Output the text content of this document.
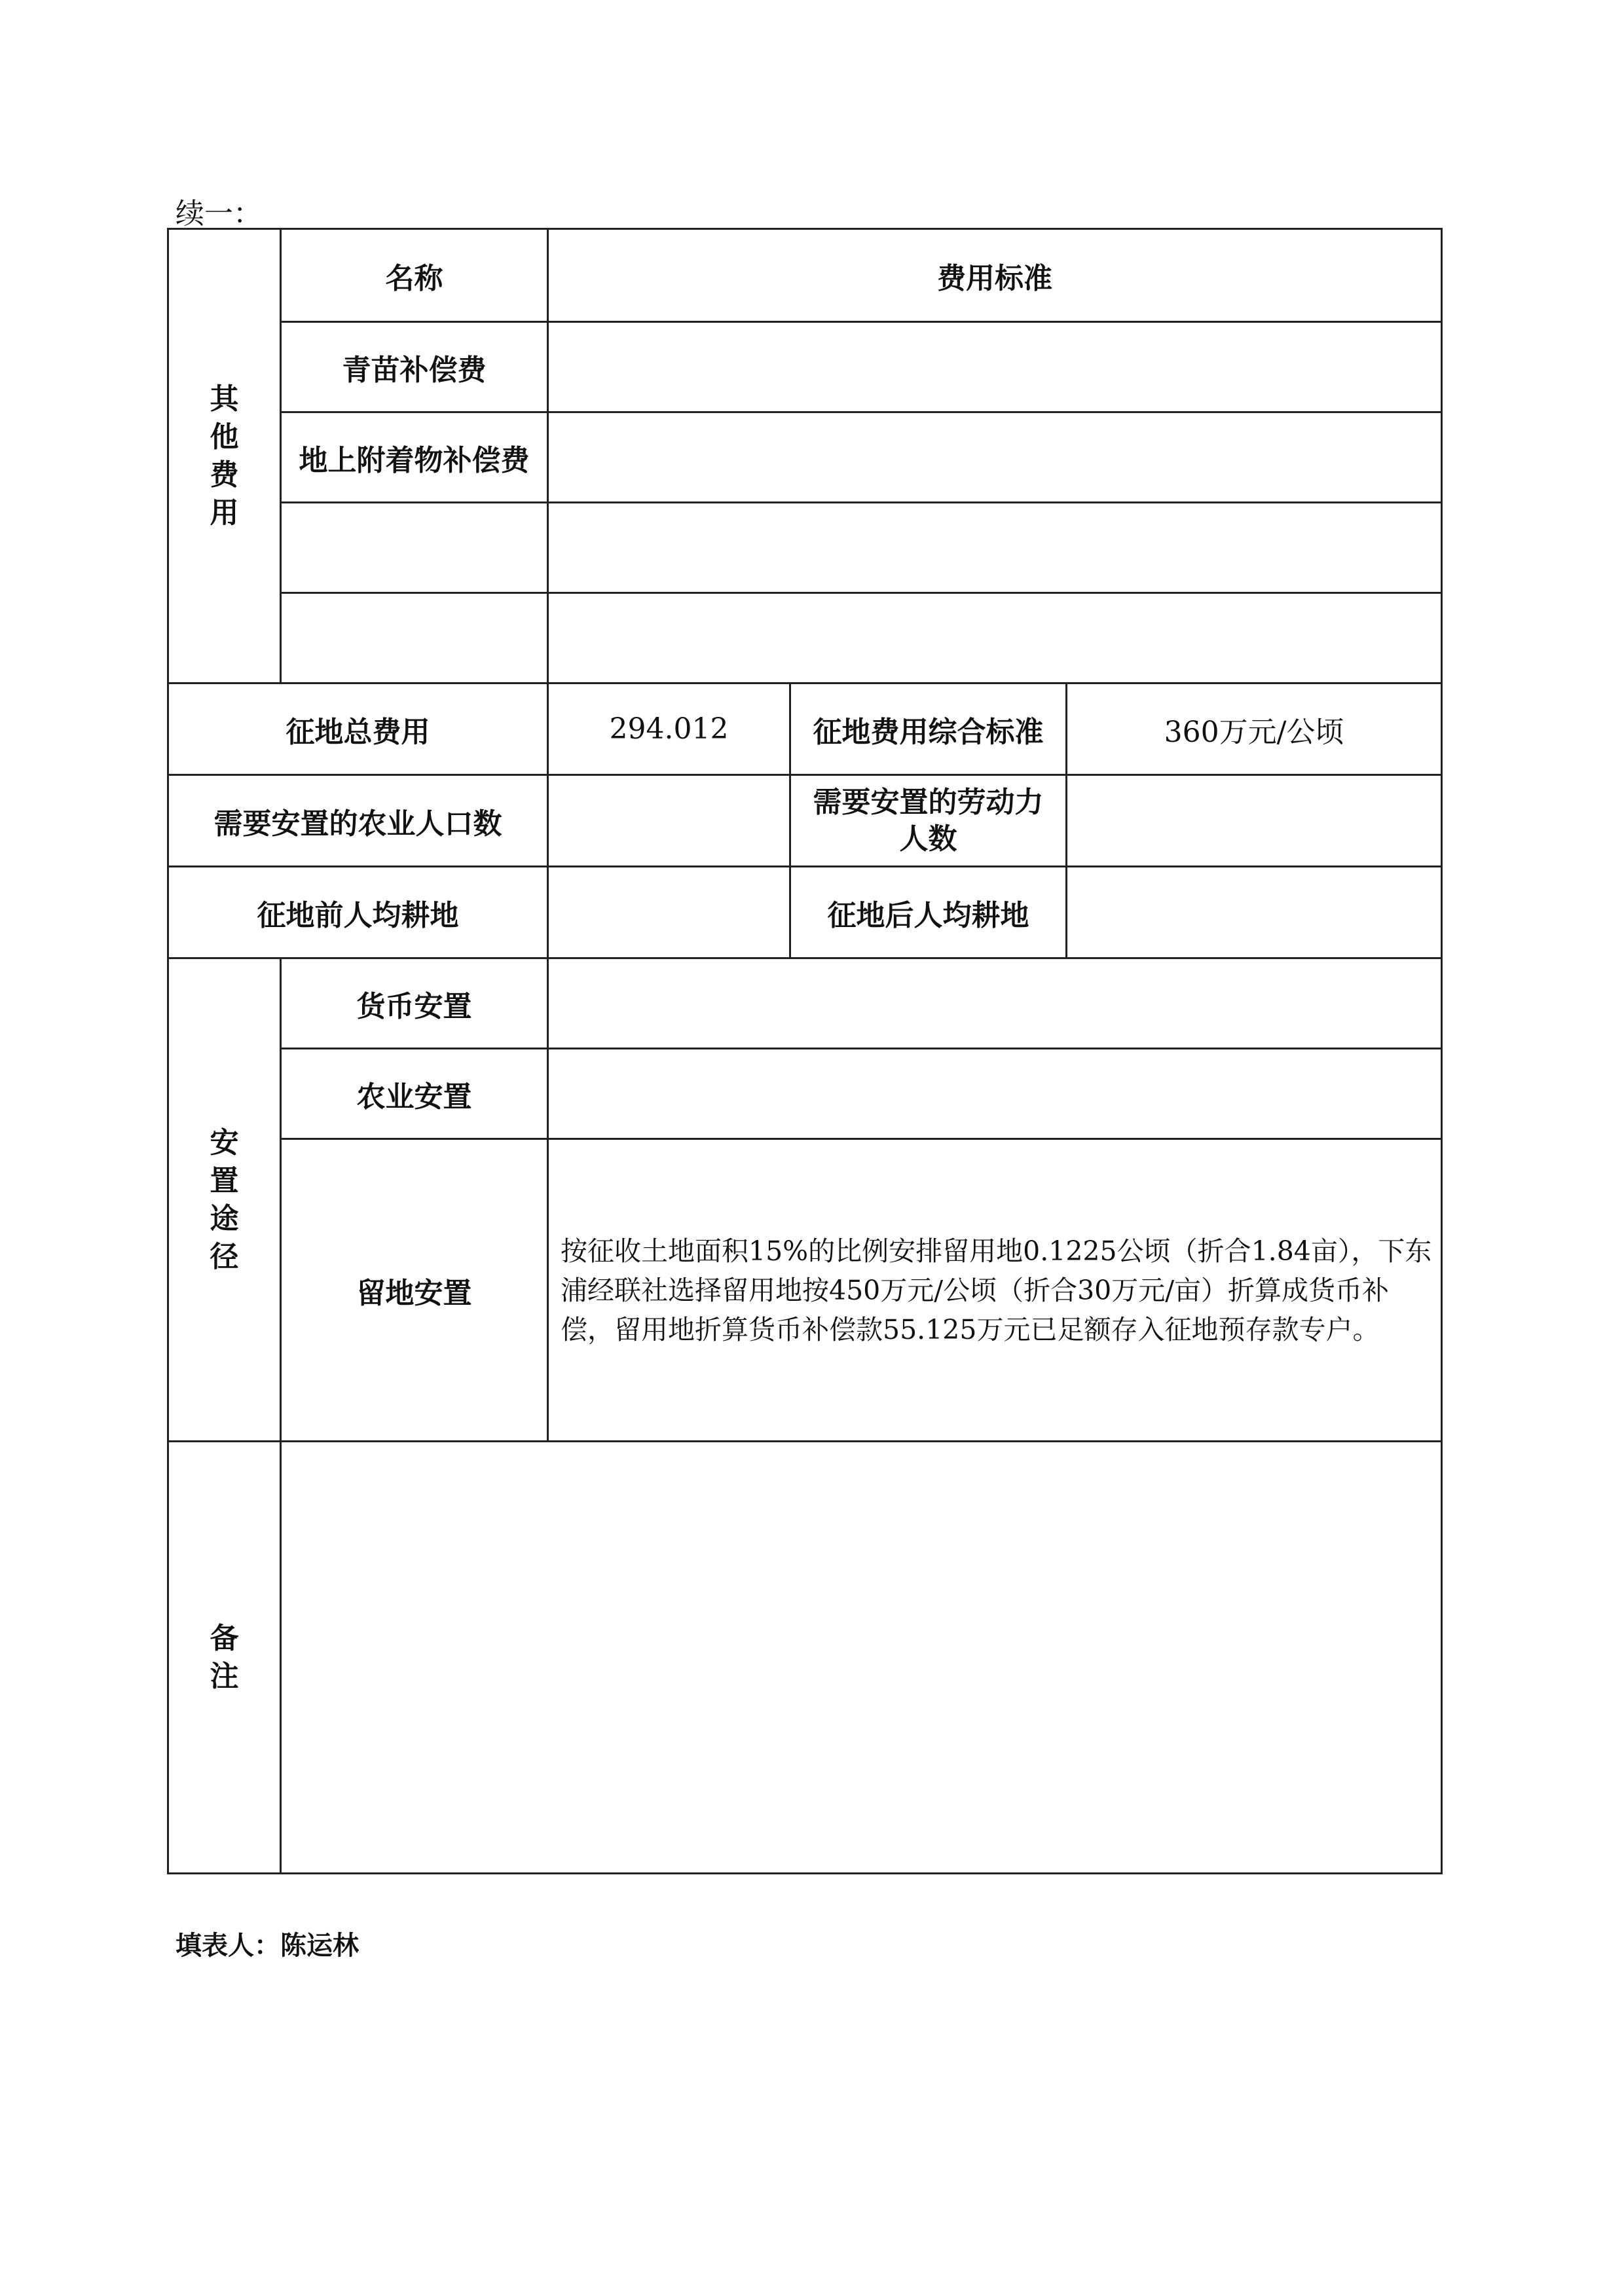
续一：
其
他
费
用	名称	费用标准		
	青苗补偿费			
	地上附着物补偿费			

征地总费用		294.012	征地费用综合标准	360万元/公顷
需要安置的农业人口数			需要安置的劳动力人数	
征地前人均耕地			征地后人均耕地	

安
置
途
径	货币安置			
	农业安置			
	留地安置	按征收土地面积15%的比例安排留用地0.1225公顷（折合1.84亩），下东浦经联社选择留用地按450万元/公顷（折合30万元/亩）折算成货币补偿，留用地折算货币补偿款55.125万元已足额存入征地预存款专户。		

备
注				

填表人：陈运林
